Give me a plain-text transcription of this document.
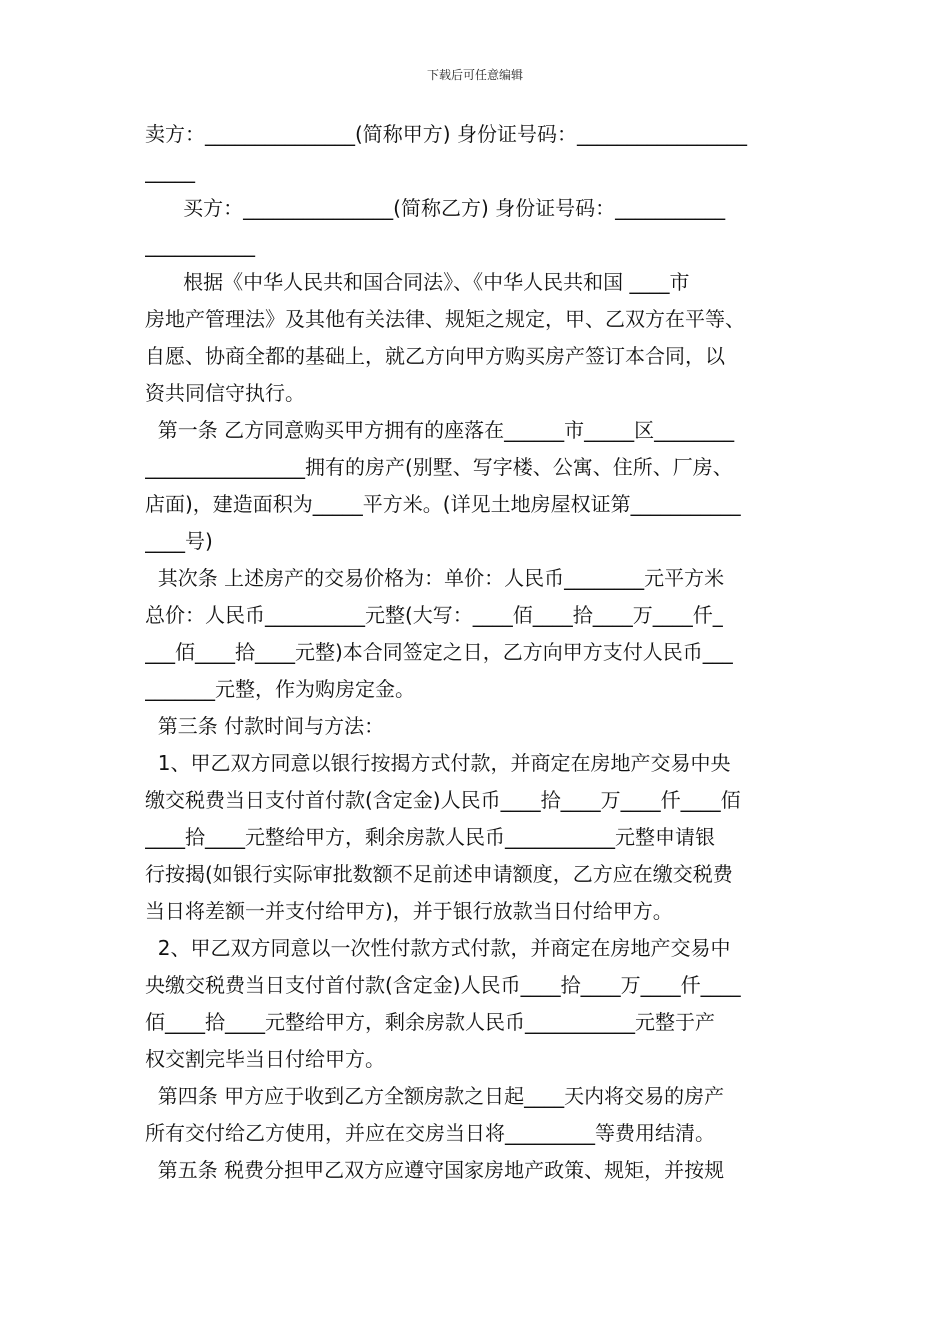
下载后可任意编辑
卖方：_______________(简称甲方) 身份证号码：_________________
_____
买方：_______________(简称乙方) 身份证号码：___________
___________
根据《中华人民共和国合同法》、《中华人民共和国 ____市
房地产管理法》及其他有关法律、规矩之规定，甲、乙双方在平等、
自愿、协商全都的基础上，就乙方向甲方购买房产签订本合同，以
资共同信守执行。
第一条 乙方同意购买甲方拥有的座落在______市_____区________
________________拥有的房产(别墅、写字楼、公寓、住所、厂房、
店面)，建造面积为_____平方米。(详见土地房屋权证第___________
____号)
其次条 上述房产的交易价格为：单价：人民币________元平方米
总价：人民币__________元整(大写：____佰____拾____万____仟_
___佰____拾____元整)本合同签定之日，乙方向甲方支付人民币___
_______元整，作为购房定金。
第三条 付款时间与方法：
1、甲乙双方同意以银行按揭方式付款，并商定在房地产交易中央
缴交税费当日支付首付款(含定金)人民币____拾____万____仟____佰
____拾____元整给甲方，剩余房款人民币___________元整申请银
行按揭(如银行实际审批数额不足前述申请额度，乙方应在缴交税费
当日将差额一并支付给甲方)，并于银行放款当日付给甲方。
2、甲乙双方同意以一次性付款方式付款，并商定在房地产交易中
央缴交税费当日支付首付款(含定金)人民币____拾____万____仟____
佰____拾____元整给甲方，剩余房款人民币___________元整于产
权交割完毕当日付给甲方。
第四条 甲方应于收到乙方全额房款之日起____天内将交易的房产
所有交付给乙方使用，并应在交房当日将_________等费用结清。
第五条 税费分担甲乙双方应遵守国家房地产政策、规矩，并按规
